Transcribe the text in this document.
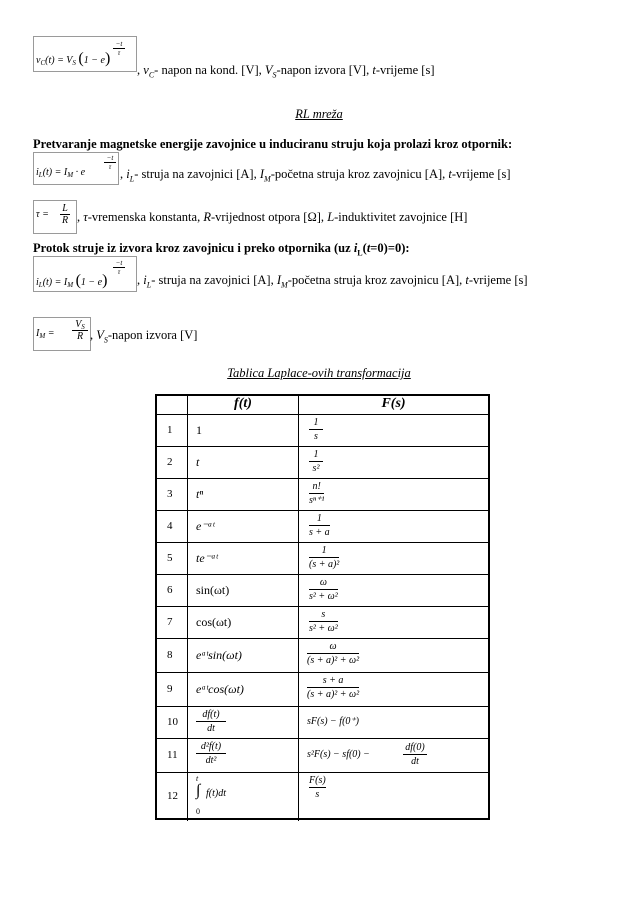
$v_C(t) = V_S$ (1 − e)
−t
τ
, $v_C-$ napon na kond. [V], $V_S$-napon izvora [V], t-vrijeme [s]
RL mreža
Pretvaranje magnetske energije zavojnice u induciranu struju koja prolazi kroz otpornik:
$i_L(t) = I_M \cdot e$
−t
τ , $i_L-$ struja na zavojnici [A], $I_M$-početna struja kroz zavojnicu [A], t-vrijeme [s]
τ =
L
R , τ-vremenska konstanta, R-vrijednost otpora [Ω], L-induktivitet zavojnice [H]
Protok struje iz izvora kroz zavojnicu i preko otpornika (uz $i_L(t=0)=0$):
$i_L(t) = I_M$ (1 − e)
−t
τ
, $i_L-$ struja na zavojnici [A], $I_M$-početna struja kroz zavojnicu [A], t-vrijeme [s]
$I_M$ =
$V_S$
R , $V_S$-napon izvora [V]
Tablica Laplace-ovih transformacija
f(t)	F(s)
1 1
1
s
2 t
1
s²
3 tⁿ
n!
sⁿ⁺¹
4 e⁻ᵃᵗ
1
s + a
5 te⁻ᵃᵗ
1
(s + a)²
6 sin(ωt)
ω
s² + ω²
7 cos(ωt)
s
s² + ω²
8 eᵃᵗsin(ωt)
ω
(s + a)² + ω²
9 eᵃᵗcos(ωt)
s + a
(s + a)² + ω²
10
df(t)
dt
sF(s) − f(0⁺)
11
d²f(t)
dt²
s²F(s) − sf(0) −
df(0)
dt
12
t
∫ f(t)dt
0
F(s)
s
